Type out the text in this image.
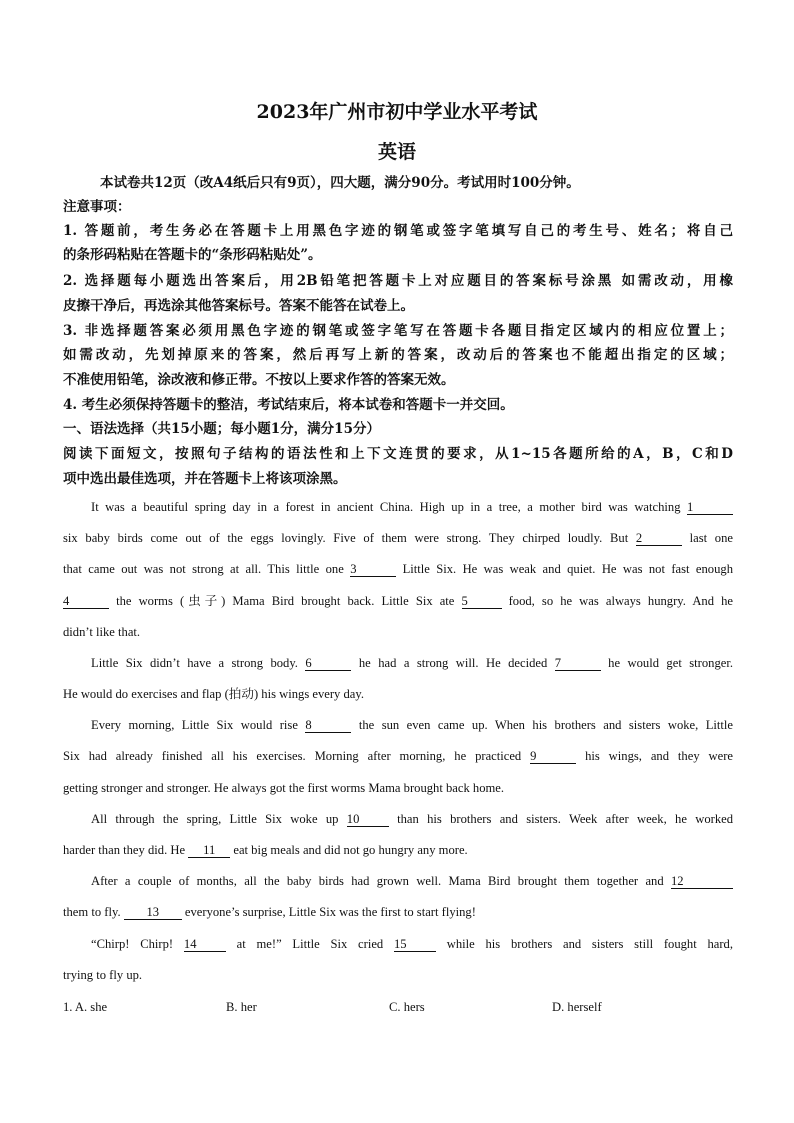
2023年广州市初中学业水平考试
英语
本试卷共12页（改A4纸后只有9页），四大题，满分90分。考试用时100分钟。
注意事项：
1. 答题前，考生务必在答题卡上用黑色字迹的钢笔或签字笔填写自己的考生号、姓名；将自己
的条形码粘贴在答题卡的“条形码粘贴处”。
2. 选择题每小题选出答案后，用2B铅笔把答题卡上对应题目的答案标号涂黑 如需改动，用橡
皮擦干净后，再选涂其他答案标号。答案不能答在试卷上。
3. 非选择题答案必须用黑色字迹的钢笔或签字笔写在答题卡各题目指定区域内的相应位置上；
如需改动，先划掉原来的答案，然后再写上新的答案，改动后的答案也不能超出指定的区域；
不准使用铅笔，涂改液和修正带。不按以上要求作答的答案无效。
4. 考生必须保持答题卡的整洁，考试结束后，将本试卷和答题卡一并交回。
一、语法选择（共15小题；每小题1分，满分15分）
阅读下面短文，按照句子结构的语法性和上下文连贯的要求，从1~15各题所给的A，B，C和D
项中选出最佳选项，并在答题卡上将该项涂黑。
It was a beautiful spring day in a forest in ancient China. High up in a tree, a mother bird was watching 1
six baby birds come out of the eggs lovingly. Five of them were strong. They chirped loudly. But 2	last one
that came out was not strong at all. This little one 3	Little Six. He was weak and quiet. He was not fast enough
4	the worms (虫子) Mama Bird brought back. Little Six ate 5	food, so he was always hungry. And he
didn’t like that.
Little Six didn’t have a strong body. 6	he had a strong will. He decided 7	he would get stronger.
He would do exercises and flap (拍动) his wings every day.
Every morning, Little Six would rise 8	the sun even came up. When his brothers and sisters woke, Little
Six had already finished all his exercises. Morning after morning, he practiced 9	his wings, and they were
getting stronger and stronger. He always got the first worms Mama brought back home.
All through the spring, Little Six woke up 10	than his brothers and sisters. Week after week, he worked
harder than they did. He 11 eat big meals and did not go hungry any more.
After a couple of months, all the baby birds had grown well. Mama Bird brought them together and 12
them to fly. 13 everyone’s surprise, Little Six was the first to start flying!
“Chirp! Chirp! 14	at me!” Little Six cried 15	while his brothers and sisters still fought hard,
trying to fly up.
1. A. she	B. her	C. hers	D. herself
